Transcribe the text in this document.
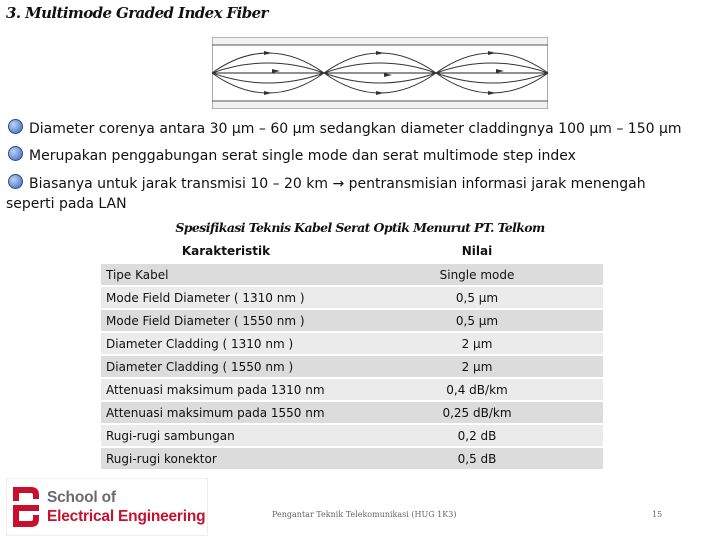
3. Multimode Graded Index Fiber
Diameter corenya antara 30 μm – 60 μm sedangkan diameter claddingnya 100 μm – 150 μm
Merupakan penggabungan serat single mode dan serat multimode step index
Biasanya untuk jarak transmisi 10 – 20 km → pentransmisian informasi jarak menengah
seperti pada LAN
Spesifikasi Teknis Kabel Serat Optik Menurut PT. Telkom
Karakteristik	Nilai
Tipe Kabel	Single mode
Mode Field Diameter ( 1310 nm )	0,5 μm
Mode Field Diameter ( 1550 nm )	0,5 μm
Diameter Cladding ( 1310 nm )	2 μm
Diameter Cladding ( 1550 nm )	2 μm
Attenuasi maksimum pada 1310 nm	0,4 dB/km
Attenuasi maksimum pada 1550 nm	0,25 dB/km
Rugi-rugi sambungan	0,2 dB
Rugi-rugi konektor	0,5 dB
School of
Electrical Engineering	Pengantar Teknik Telekomunikasi (HUG 1K3)	15
